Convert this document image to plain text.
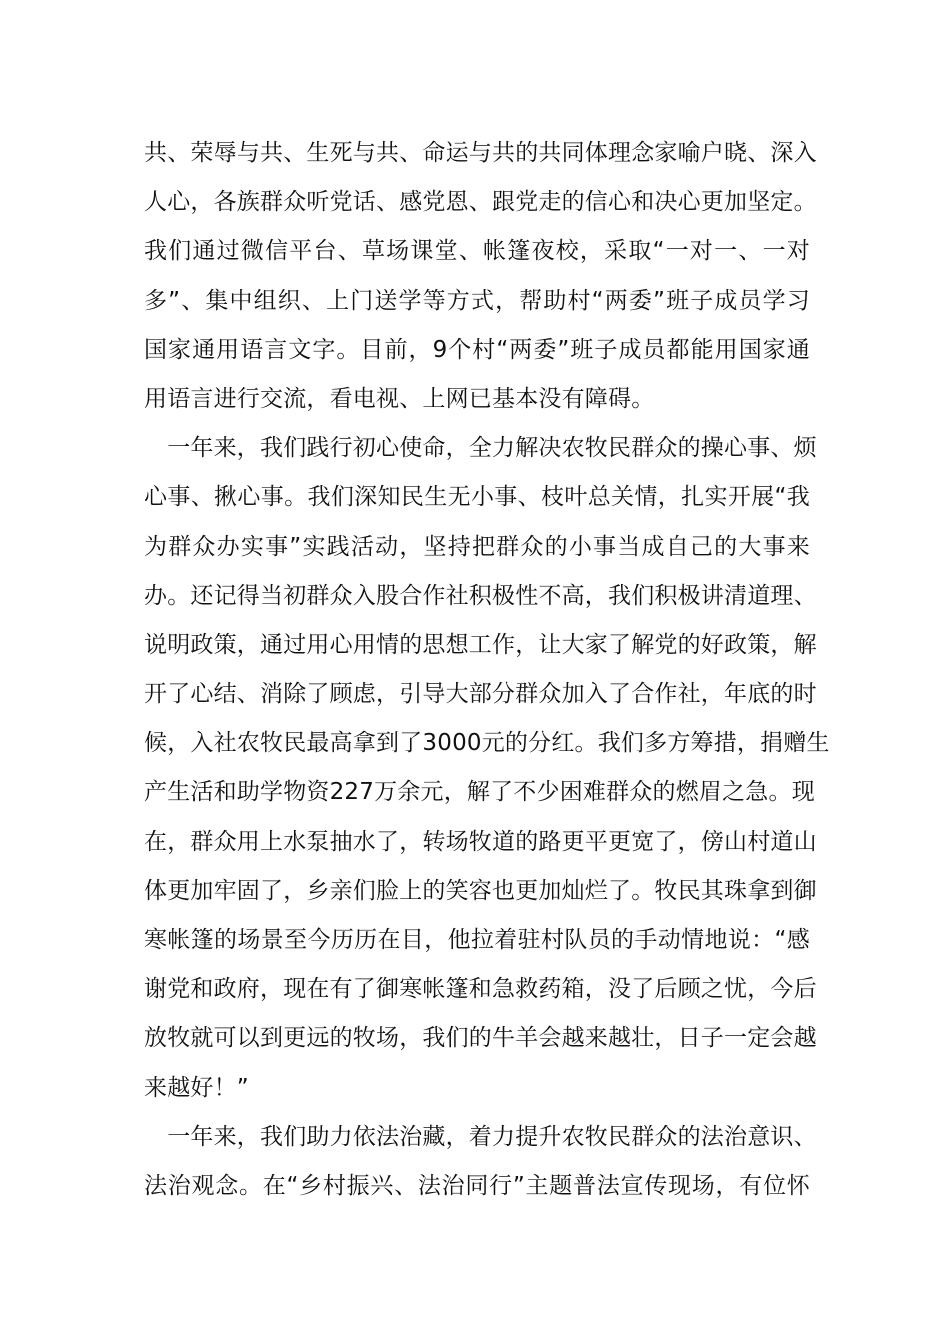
共、荣辱与共、生死与共、命运与共的共同体理念家喻户晓、深入
人心，各族群众听党话、感党恩、跟党走的信心和决心更加坚定。
我们通过微信平台、草场课堂、帐篷夜校，采取“一对一、一对
多”、集中组织、上门送学等方式，帮助村“两委”班子成员学习
国家通用语言文字。目前，9个村“两委”班子成员都能用国家通
用语言进行交流，看电视、上网已基本没有障碍。
　一年来，我们践行初心使命，全力解决农牧民群众的操心事、烦
心事、揪心事。我们深知民生无小事、枝叶总关情，扎实开展“我
为群众办实事”实践活动，坚持把群众的小事当成自己的大事来
办。还记得当初群众入股合作社积极性不高，我们积极讲清道理、
说明政策，通过用心用情的思想工作，让大家了解党的好政策，解
开了心结、消除了顾虑，引导大部分群众加入了合作社，年底的时
候，入社农牧民最高拿到了3000元的分红。我们多方筹措，捐赠生
产生活和助学物资227万余元，解了不少困难群众的燃眉之急。现
在，群众用上水泵抽水了，转场牧道的路更平更宽了，傍山村道山
体更加牢固了，乡亲们脸上的笑容也更加灿烂了。牧民其珠拿到御
寒帐篷的场景至今历历在目，他拉着驻村队员的手动情地说：“感
谢党和政府，现在有了御寒帐篷和急救药箱，没了后顾之忧，今后
放牧就可以到更远的牧场，我们的牛羊会越来越壮，日子一定会越
来越好！”
　一年来，我们助力依法治藏，着力提升农牧民群众的法治意识、
法治观念。在“乡村振兴、法治同行”主题普法宣传现场，有位怀
